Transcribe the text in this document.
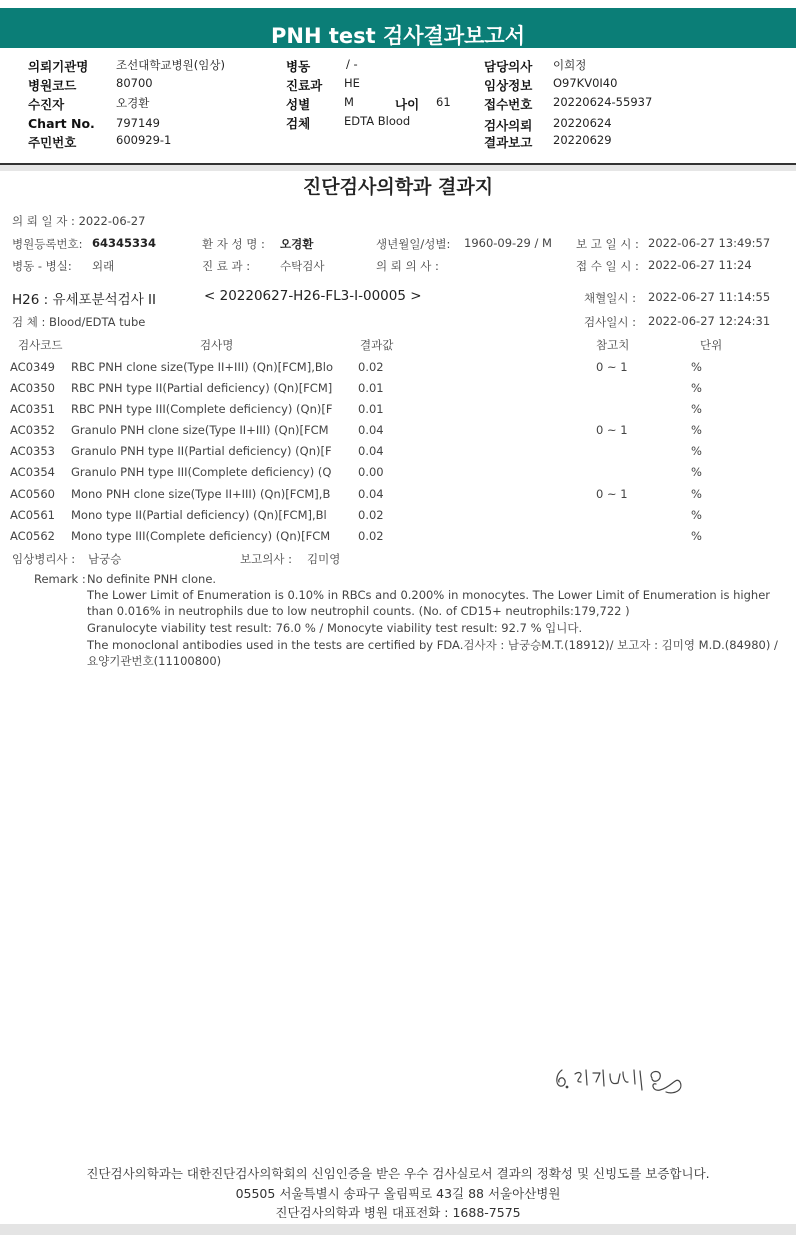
PNH test 검사결과보고서
의뢰기관명 조선대학교병원(임상)
병원코드	80700
수진자	오경환
Chart No. 797149
주민번호	600929-1
병동	/ -
진료과 HE
성별	M	나이 61
검체	EDTA Blood
담당의사 이희정
임상정보 O97KV0I40
접수번호 20220624-55937
검사의뢰 20220624
결과보고 20220629
진단검사의학과 결과지
의 뢰 일 자 : 2022-06-27
병원등록번호: 64345334	환 자 성 명 : 오경환	생년월일/성별: 1960-09-29 / M 보 고 일 시 : 2022-06-27 13:49:57
병동 - 병실: 외래	진 료 과 :	수탁검사	의 뢰 의 사 :	접 수 일 시 : 2022-06-27 11:24
H26 : 유세포분석검사 II	< 20220627-H26-FL3-I-00005 >	채혈일시 : 2022-06-27 11:14:55
검 체 : Blood/EDTA tube	검사일시 : 2022-06-27 12:24:31
검사코드	검사명	결과값	참고치	단위
AC0349 RBC PNH clone size(Type II+III) (Qn)[FCM],Blo 0.02	0 ~ 1	%
AC0350 RBC PNH type II(Partial deficiency) (Qn)[FCM] 0.01	%
AC0351 RBC PNH type III(Complete deficiency) (Qn)[F 0.01	%
AC0352 Granulo PNH clone size(Type II+III) (Qn)[FCM	0.04	0 ~ 1	%
AC0353 Granulo PNH type II(Partial deficiency) (Qn)[F 0.04	%
AC0354 Granulo PNH type III(Complete deficiency) (Q 0.00	%
AC0560 Mono PNH clone size(Type II+III) (Qn)[FCM],B 0.04	0 ~ 1	%
AC0561 Mono type II(Partial deficiency) (Qn)[FCM],Bl	0.02	%
AC0562 Mono type III(Complete deficiency) (Qn)[FCM 0.02	%
임상병리사 : 남궁승	보고의사 : 김미영
Remark : No definite PNH clone.
The Lower Limit of Enumeration is 0.10% in RBCs and 0.200% in monocytes. The Lower Limit of Enumeration is higher
than 0.016% in neutrophils due to low neutrophil counts. (No. of CD15+ neutrophils:179,722 )
Granulocyte viability test result: 76.0 % / Monocyte viability test result: 92.7 % 입니다.
The monoclonal antibodies used in the tests are certified by FDA.검사자 : 남궁승M.T.(18912)/ 보고자 : 김미영 M.D.(84980) /
요양기관번호(11100800)
진단검사의학과는 대한진단검사의학회의 신임인증을 받은 우수 검사실로서 결과의 정확성 및 신빙도를 보증합니다.
05505 서울특별시 송파구 올림픽로 43길 88 서울아산병원
진단검사의학과 병원 대표전화 : 1688-7575
